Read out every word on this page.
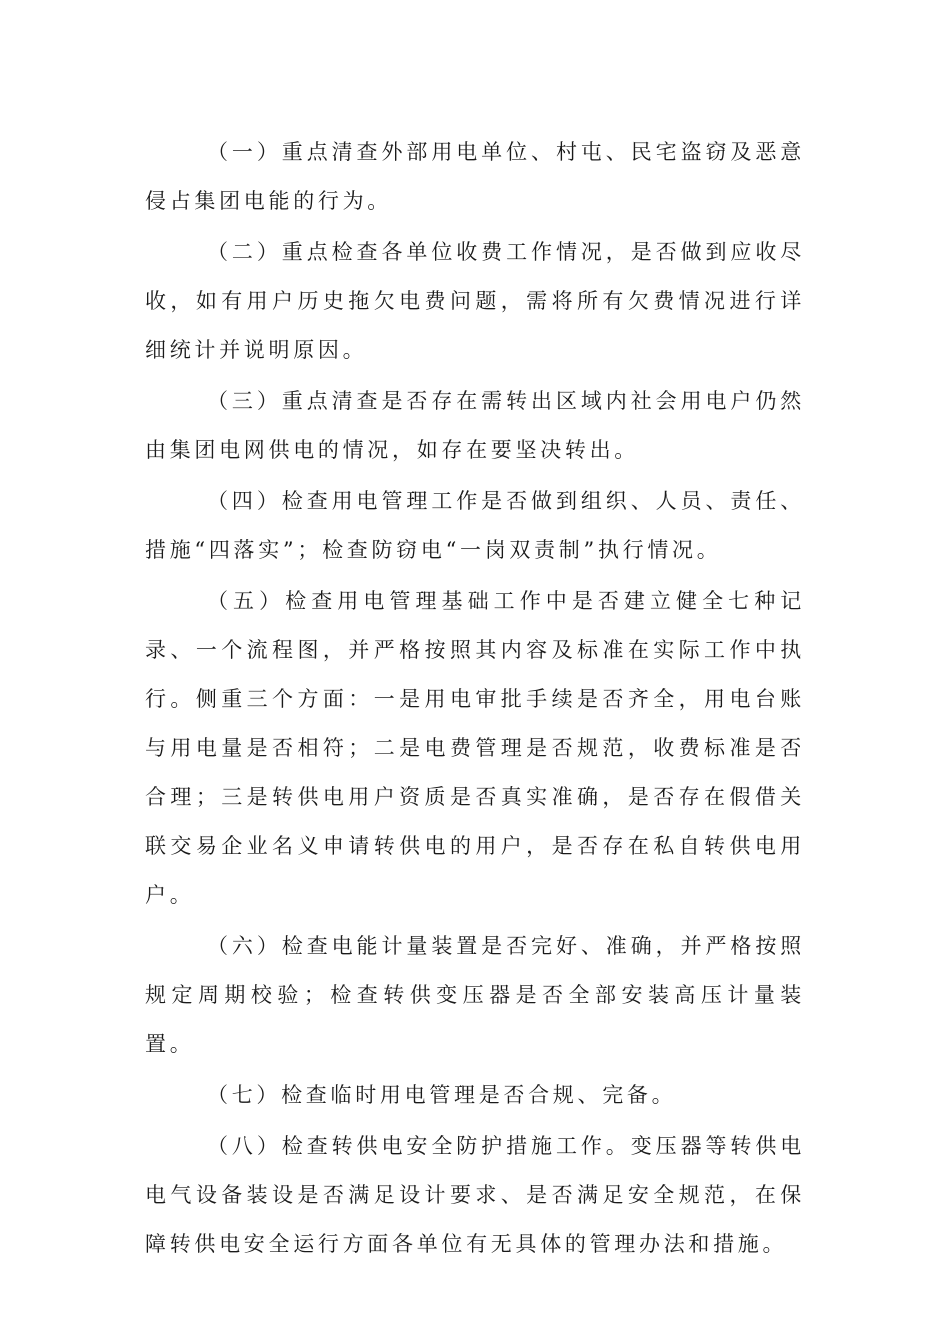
（一）重点清查外部用电单位、村屯、民宅盗窃及恶意侵占集团电能的行为。

（二）重点检查各单位收费工作情况，是否做到应收尽收，如有用户历史拖欠电费问题，需将所有欠费情况进行详细统计并说明原因。

（三）重点清查是否存在需转出区域内社会用电户仍然由集团电网供电的情况，如存在要坚决转出。

（四）检查用电管理工作是否做到组织、人员、责任、措施“四落实”；检查防窃电“一岗双责制”执行情况。

（五）检查用电管理基础工作中是否建立健全七种记录、一个流程图，并严格按照其内容及标准在实际工作中执行。侧重三个方面：一是用电审批手续是否齐全，用电台账与用电量是否相符；二是电费管理是否规范，收费标准是否合理；三是转供电用户资质是否真实准确，是否存在假借关联交易企业名义申请转供电的用户，是否存在私自转供电用户。

（六）检查电能计量装置是否完好、准确，并严格按照规定周期校验；检查转供变压器是否全部安装高压计量装置。

（七）检查临时用电管理是否合规、完备。

（八）检查转供电安全防护措施工作。变压器等转供电电气设备装设是否满足设计要求、是否满足安全规范，在保障转供电安全运行方面各单位有无具体的管理办法和措施。
